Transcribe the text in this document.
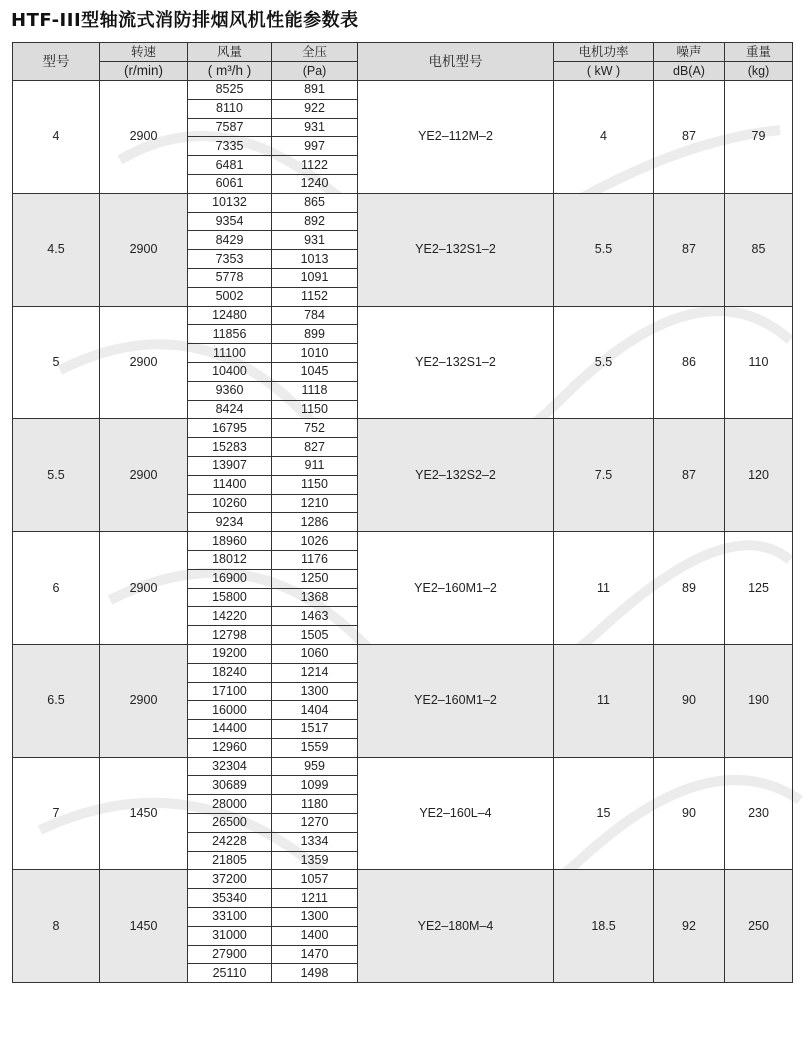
HTF-III型轴流式消防排烟风机性能参数表
型号	转速	风量	全压	电机型号	电机功率	噪声	重量
	(r/min)	( m³/h )	(Pa)		( kW )	dB(A)	(kg)
4	2900	8525	891	YE2–112M–2	4	87	79
		8110	922				
		7587	931				
		7335	997				
		6481	1122				
		6061	1240				
4.5	2900	10132	865	YE2–132S1–2	5.5	87	85
		9354	892				
		8429	931				
		7353	1013				
		5778	1091				
		5002	1152				
5	2900	12480	784	YE2–132S1–2	5.5	86	110
		11856	899				
		11100	1010				
		10400	1045				
		9360	1118				
		8424	1150				
5.5	2900	16795	752	YE2–132S2–2	7.5	87	120
		15283	827				
		13907	911				
		11400	1150				
		10260	1210				
		9234	1286				
6	2900	18960	1026	YE2–160M1–2	11	89	125
		18012	1176				
		16900	1250				
		15800	1368				
		14220	1463				
		12798	1505				
6.5	2900	19200	1060	YE2–160M1–2	11	90	190
		18240	1214				
		17100	1300				
		16000	1404				
		14400	1517				
		12960	1559				
7	1450	32304	959	YE2–160L–4	15	90	230
		30689	1099				
		28000	1180				
		26500	1270				
		24228	1334				
		21805	1359				
8	1450	37200	1057	YE2–180M–4	18.5	92	250
		35340	1211				
		33100	1300				
		31000	1400				
		27900	1470				
		25110	1498				
